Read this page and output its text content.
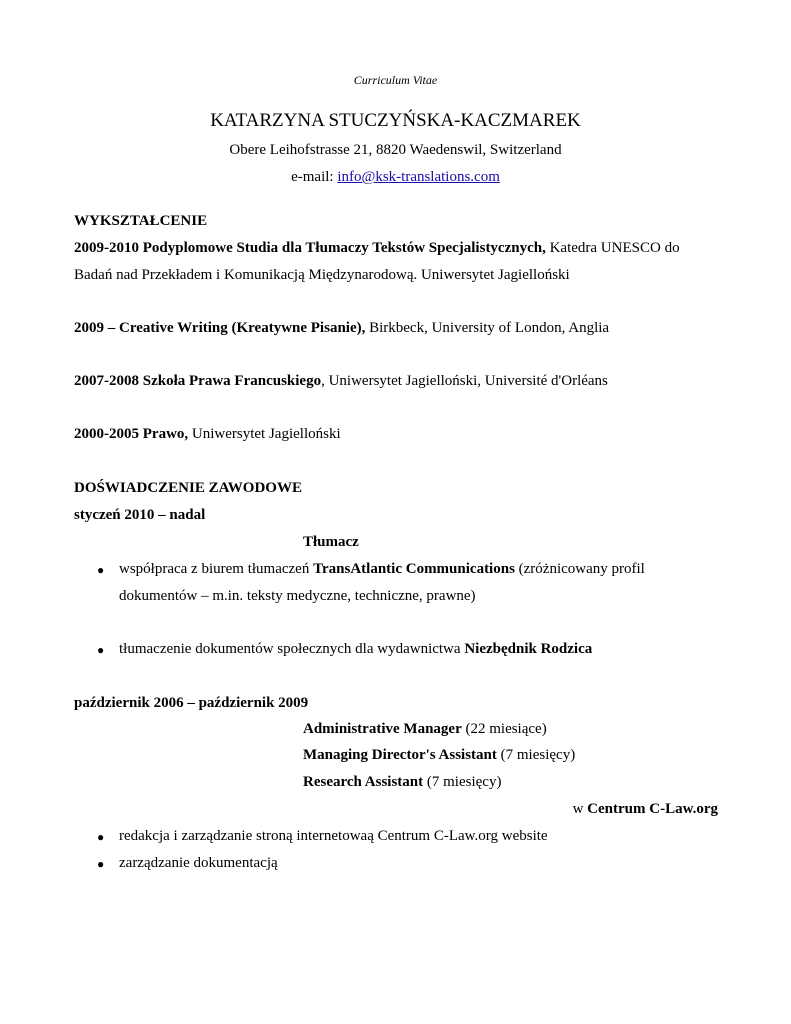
Curriculum Vitae
KATARZYNA STUCZYŃSKA-KACZMAREK
Obere Leihofstrasse 21, 8820 Waedenswil, Switzerland
e-mail: info@ksk-translations.com
WYKSZTAŁCENIE
2009-2010 Podyplomowe Studia dla Tłumaczy Tekstów Specjalistycznych, Katedra UNESCO do
Badań nad Przekładem i Komunikacją Międzynarodową. Uniwersytet Jagielloński
2009 – Creative Writing (Kreatywne Pisanie), Birkbeck, University of London, Anglia
2007-2008 Szkoła Prawa Francuskiego, Uniwersytet Jagielloński, Université d'Orléans
2000-2005 Prawo, Uniwersytet Jagielloński
DOŚWIADCZENIE ZAWODOWE
styczeń 2010 – nadal
Tłumacz
● współpraca z biurem tłumaczeń TransAtlantic Communications (zróżnicowany profil
dokumentów – m.in. teksty medyczne, techniczne, prawne)
● tłumaczenie dokumentów społecznych dla wydawnictwa Niezbędnik Rodzica
październik 2006 – październik 2009
Administrative Manager (22 miesiące)
Managing Director's Assistant (7 miesięcy)
Research Assistant (7 miesięcy)
w Centrum C-Law.org
● redakcja i zarządzanie stroną internetowaą Centrum C-Law.org website
● zarządzanie dokumentacją
